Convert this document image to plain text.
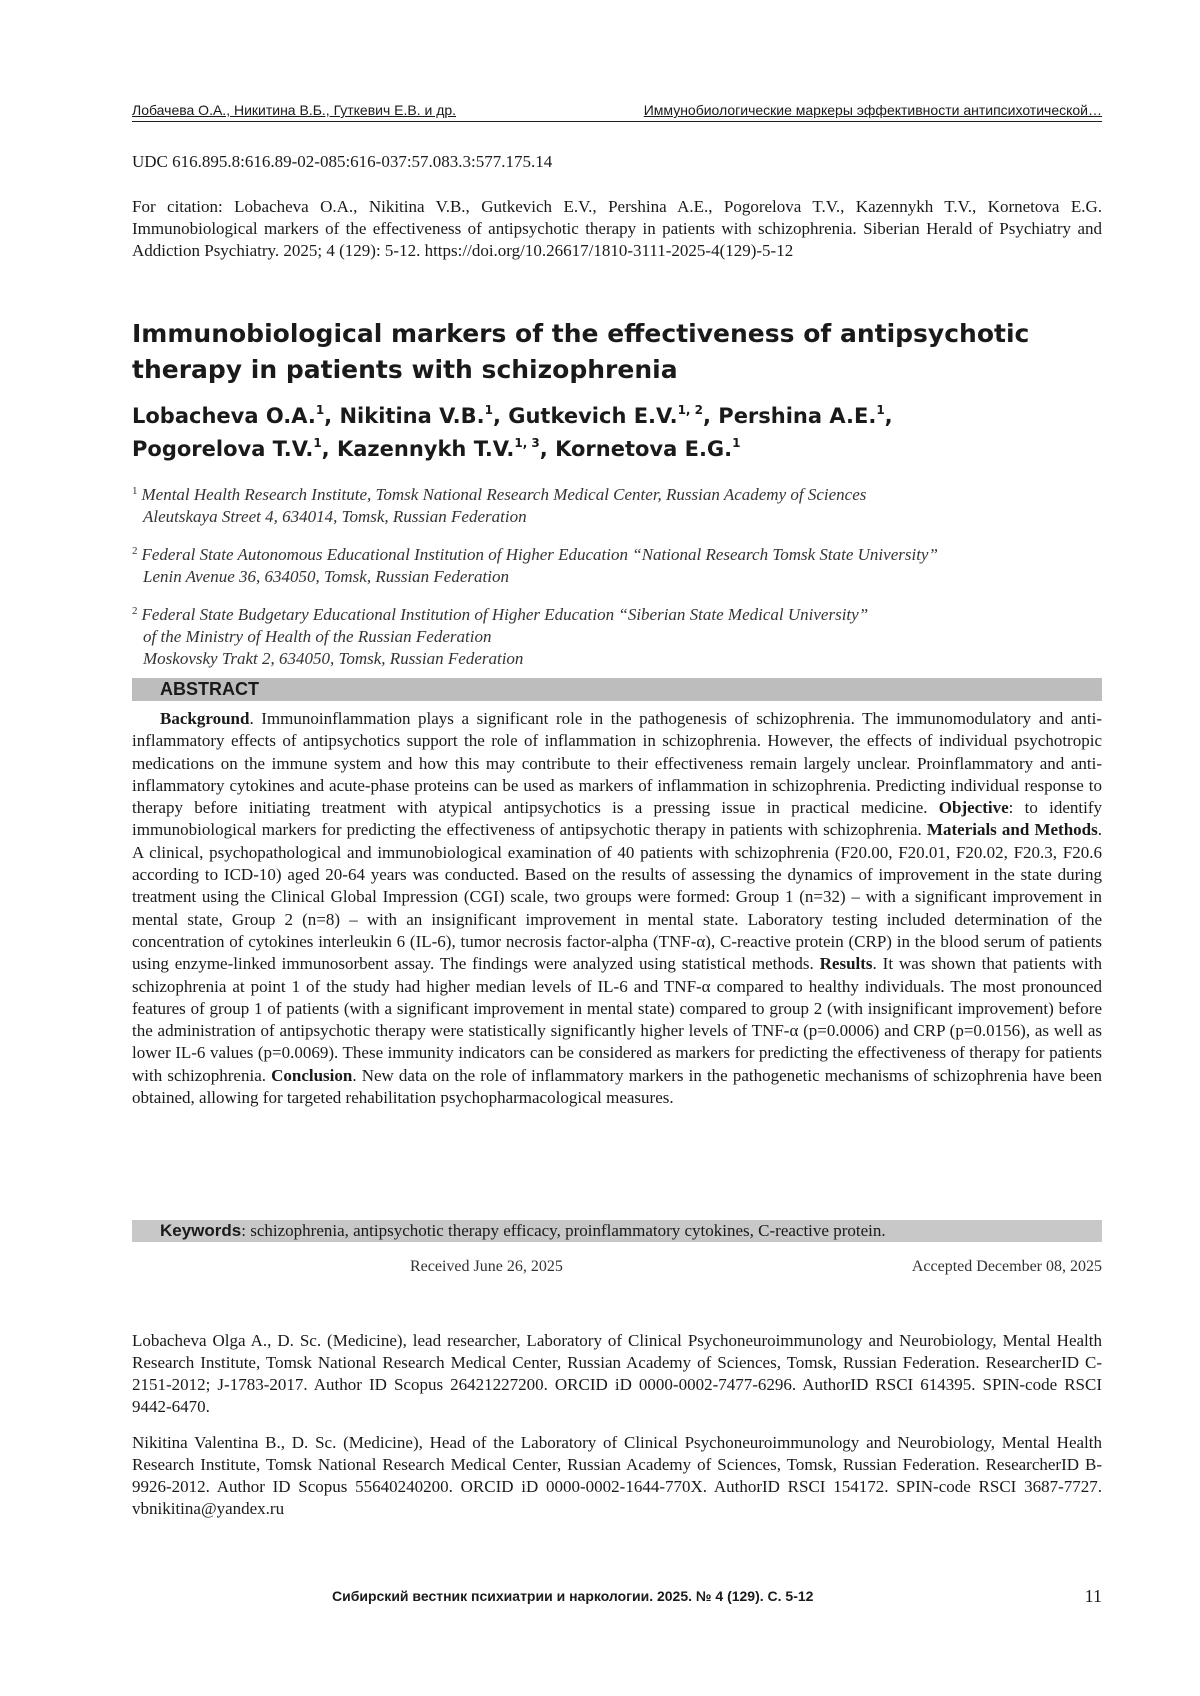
Лобачева О.А., Никитина В.Б., Гуткевич Е.В. и др.	Иммунобиологические маркеры эффективности антипсихотической…
UDC 616.895.8:616.89-02-085:616-037:57.083.3:577.175.14
For citation: Lobacheva O.A., Nikitina V.B., Gutkevich E.V., Pershina A.E., Pogorelova T.V., Kazennykh T.V., Kornetova E.G. Immunobiological markers of the effectiveness of antipsychotic therapy in patients with schizophrenia. Siberian Herald of Psychiatry and Addiction Psychiatry. 2025; 4 (129): 5-12. https://doi.org/10.26617/1810-3111-2025-4(129)-5-12
Immunobiological markers of the effectiveness of antipsychotic therapy in patients with schizophrenia
Lobacheva O.A.$^1$, Nikitina V.B.$^1$, Gutkevich E.V.$^{1, 2}$, Pershina A.E.$^1$,
Pogorelova T.V.$^1$, Kazennykh T.V.$^{1, 3}$, Kornetova E.G.$^1$
$^1$ Mental Health Research Institute, Tomsk National Research Medical Center, Russian Academy of Sciences
Aleutskaya Street 4, 634014, Tomsk, Russian Federation
$^2$ Federal State Autonomous Educational Institution of Higher Education “National Research Tomsk State University”
Lenin Avenue 36, 634050, Tomsk, Russian Federation
$^2$ Federal State Budgetary Educational Institution of Higher Education “Siberian State Medical University”
of the Ministry of Health of the Russian Federation
Moskovsky Trakt 2, 634050, Tomsk, Russian Federation
ABSTRACT
Background. Immunoinflammation plays a significant role in the pathogenesis of schizophrenia. The immunomodulatory and anti-inflammatory effects of antipsychotics support the role of inflammation in schizophrenia. However, the effects of individual psychotropic medications on the immune system and how this may contribute to their effectiveness remain largely unclear. Proinflammatory and anti-inflammatory cytokines and acute-phase proteins can be used as markers of inflammation in schizophrenia. Predicting individual response to therapy before initiating treatment with atypical antipsychotics is a pressing issue in practical medicine. Objective: to identify immunobiological markers for predicting the effectiveness of antipsychotic therapy in patients with schizophrenia. Materials and Methods. A clinical, psychopathological and immunobiological examination of 40 patients with schizophrenia (F20.00, F20.01, F20.02, F20.3, F20.6 according to ICD-10) aged 20-64 years was conducted. Based on the results of assessing the dynamics of improvement in the state during treatment using the Clinical Global Impression (CGI) scale, two groups were formed: Group 1 (n=32) – with a significant improvement in mental state, Group 2 (n=8) – with an insignificant improvement in mental state. Laboratory testing included determination of the concentration of cytokines interleukin 6 (IL-6), tumor necrosis factor-alpha (TNF-α), C-reactive protein (CRP) in the blood serum of patients using enzyme-linked immunosorbent assay. The findings were analyzed using statistical methods. Results. It was shown that patients with schizophrenia at point 1 of the study had higher median levels of IL-6 and TNF-α compared to healthy individuals. The most pronounced features of group 1 of patients (with a significant improvement in mental state) compared to group 2 (with insignificant improvement) before the administration of antipsychotic therapy were statistically significantly higher levels of TNF-α (p=0.0006) and CRP (p=0.0156), as well as lower IL-6 values (p=0.0069). These immunity indicators can be considered as markers for predicting the effectiveness of therapy for patients with schizophrenia. Conclusion. New data on the role of inflammatory markers in the pathogenetic mechanisms of schizophrenia have been obtained, allowing for targeted rehabilitation psychopharmacological measures.
Keywords: schizophrenia, antipsychotic therapy efficacy, proinflammatory cytokines, C-reactive protein.
Received June 26, 2025	Accepted December 08, 2025
Lobacheva Olga A., D. Sc. (Medicine), lead researcher, Laboratory of Clinical Psychoneuroimmunology and Neurobiology, Mental Health Research Institute, Tomsk National Research Medical Center, Russian Academy of Sciences, Tomsk, Russian Federation. ResearcherID C-2151-2012; J-1783-2017. Author ID Scopus 26421227200. ORCID iD 0000-0002-7477-6296. AuthorID RSCI 614395. SPIN-code RSCI 9442-6470.
Nikitina Valentina B., D. Sc. (Medicine), Head of the Laboratory of Clinical Psychoneuroimmunology and Neurobiology, Mental Health Research Institute, Tomsk National Research Medical Center, Russian Academy of Sciences, Tomsk, Russian Federation. ResearcherID B-9926-2012. Author ID Scopus 55640240200. ORCID iD 0000-0002-1644-770X. AuthorID RSCI 154172. SPIN-code RSCI 3687-7727. vbnikitina@yandex.ru
Сибирский вестник психиатрии и наркологии. 2025. № 4 (129). С. 5-12	11
